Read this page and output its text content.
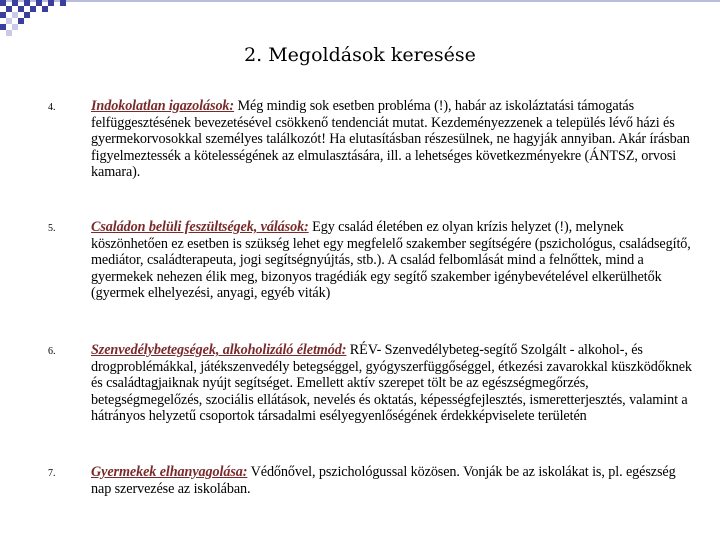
2. Megoldások keresése
4.	Indokolatlan igazolások: Még mindig sok esetben probléma (!), habár az iskoláztatási támogatás felfüggesztésének bevezetésével csökkenő tendenciát mutat. Kezdeményezzenek a település lévő házi és gyermekorvosokkal személyes találkozót! Ha elutasításban részesülnek, ne hagyják annyiban. Akár írásban figyelmeztessék a kötelességének az elmulasztására, ill. a lehetséges következményekre (ÁNTSZ, orvosi kamara).
5.	Családon belüli feszültségek, válások: Egy család életében ez olyan krízis helyzet (!), melynek köszönhetően ez esetben is szükség lehet egy megfelelő szakember segítségére (pszichológus, családsegítő, mediátor, családterapeuta, jogi segítségnyújtás, stb.). A család felbomlását mind a felnőttek, mind a gyermekek nehezen élik meg, bizonyos tragédiák egy segítő szakember igénybevételével elkerülhetők (gyermek elhelyezési, anyagi, egyéb viták)
6.	Szenvedélybetegségek, alkoholizáló életmód: RÉV- Szenvedélybeteg-segítő Szolgált - alkohol-, és drogproblémákkal, játékszenvedély betegséggel, gyógyszerfüggőséggel, étkezési zavarokkal küszködőknek és családtagjaiknak nyújt segítséget. Emellett aktív szerepet tölt be az egészségmegőrzés, betegségmegelőzés, szociális ellátások, nevelés és oktatás, képességfejlesztés, ismeretterjesztés, valamint a hátrányos helyzetű csoportok társadalmi esélyegyenlőségének érdekképviselete területén
7.	Gyermekek elhanyagolása: Védőnővel, pszichológussal közösen. Vonják be az iskolákat is, pl. egészség nap szervezése az iskolában.
